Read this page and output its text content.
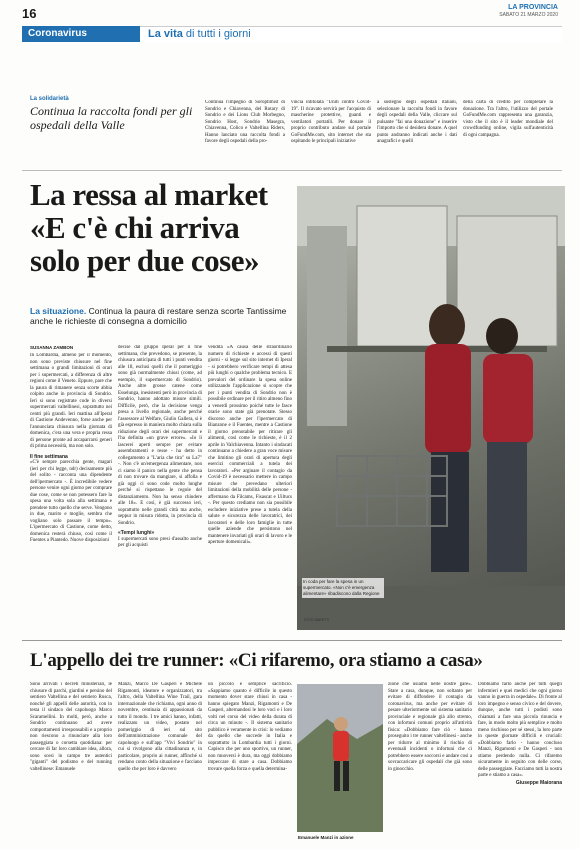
16	LA PROVINCIA
SABATO 21 MARZO 2020
Coronavirus	La vita di tutti i giorni
La solidarietà
Continua la raccolta fondi per gli ospedali della Valle
Continua l'impegno di Soroptimist di Sondrio e Chiavenna, del Rotary di Sondrio e dei Lions Club Morbegno, Sondrio Host, Sondrio Masegra, Chiavenna, Colico e Valtellina Riders, Hanno lanciato una raccolta fondi a favore degli ospedali della pro-
vincia intitolata "Uniti contro Covid-19". Il ricavato servirà per l'acquisto di mascherine protettive, guanti e ventilatori portatili. Per donare il proprio contributo andare sul portale GoFundMe.com, sito internet che sta ospitando le principali iniziative
a sostegno degli ospedali italiani, selezionare la raccolta fondi in favore degli ospedali della Valle, cliccare sul pulsante "fai una donazione" e inserire l'importo che si desidera donare. A quel punto andranno indicati anche i dati anagrafici e quelli
della carta di credito per completare la donazione. Tra l'altro, l'utilizzo del portale GoFundMe.com rappresenta una garanzia, visto che il sito è il leader mondiale del crowdfunding online, vigila sull'autenticità di ogni campagna.
La ressa al market
«E c'è chi arriva
solo per due cose»
La situazione. Continua la paura di restare senza scorte Tantissime anche le richieste di consegna a domicilio
SUSANNA ZAMBON
In Lombardia, almeno per il momento, non sono previste chiusure nel fine settimana o grandi limitazioni di orari per i supermercati, a differenza di altre regioni come il Veneto. Eppure, pare che la paura di rimanere senza scorte abbia colpito anche in provincia di Sondrio. Ieri si sono registrate code in diversi supermercati valtellinesi, soprattutto nei centri più grandi. Ieri mattina all'Iperal di Castione Andevenno, forse anche per l'annunciata chiusura nella giornata di domenica, c'era una vera e propria ressa di persone pronte ad accaparrarsi generi di prima necessità, ma non solo.
Il fine settimana
«C'è sempre parecchia gente, magari (ieri per chi legge, ndr) decisamente più del solito - racconta una dipendente dell'ipermercato -. È incredibile vedere persone venire ogni giorno per comprare due cose, come se non potessero fare la spesa una volta sola alla settimana e prendere tutto quello che serve. Vengono in due, marito e moglie, sembra che vogliano solo passare il tempo». L'ipermercato di Castione, come detto, domenica resterà chiuso, così come il Fuentes a Piantedo. Nuove disposizioni
decise dal gruppo Iperal per il fine settimana, che prevedono, se presente, la chiusura anticipata di tutti i punti vendita alle 18, esclusi quelli che il pomeriggio sono già normalmente chiusi (come, ad esempio, il supermercato di Sondrio). Anche altre grosse catene come Esselunga, inesistenti però in provincia di Sondrio, hanno adottato misure simili. Difficile, però, che la decisione venga presa a livello regionale, anche perché l'assessore al Welfare, Giulio Gallera, si è già espresso in maniera molto chiara sulla riduzione degli orari dei supermercati e l'ha definita «un grave errore». «Io li lascerei aperti sempre per evitare assembramenti e resse - ha detto in collegamento a "L'aria che tira" su La7" -. Non c'è un'emergenza alimentare, non ci siamo il panico nella gente che pensa di non trovare da mangiare, si affolla e già oggi ci sono code molto lunghe perché si rispettano le regole del distanziamento. Non ha senso chiudere alle 18». E così, è già successo ieri, soprattutto nelle grandi città ma anche, seppur in misura ridotta, in provincia di Sondrio.
«Tempi lunghi»
I supermercati sono presi d'assalto anche per gli acquisti
vendita «A causa delle straordinario numero di richieste e accessi di questi giorni - si legge sul sito internet di Iperal - si potrebbero verificare tempi di attesa più lunghi o qualche problema tecnico. E prevalori del ordinare la spesa online utilizzando l'applicazione si scopre che per i punti vendita di Sondrio non è possibile ordinare per il ritiro almeno fino a venerdì prossimo poiché tutte le fasce orarie sono state già prenotate. Stesso discorso anche per l'ipermercato di Bianzone e il Fuentes, mentre a Castione il giorno prenotabile per ritirare gli alimenti, così come le richieste, è il 2 aprile in Valchiavenna. Intanto i sindacati continuano a chiedere a gran voce misure che limitino gli orari di apertura degli esercizi commerciali a tutela dei lavoratori. «Per arginare il contagio da Covid-19 è necessario mettere in campo misure che prevedano ulteriori limitazioni della mobilità delle persone - affermano da Filcams, Fisascat e Uiltucs -. Per questo crediamo non sia possibile escludere iniziative prese a tutela della salute e sicurezza delle lavoratrici, dei lavoratori e delle loro famiglie in tutte quelle aziende che persistono nel mantenere invariati gli orari di lavoro e le aperture domenicali».
In coda per fare la spesa in un supermercato. «Non c'è emergenza alimentare» ribadiscono dalla Regione
FOTO SARETTI
L'appello dei tre runner: «Ci rifaremo, ora stiamo a casa»
Sono arrivati i decreti ministeriali, le chiusure di parchi, giardini e persino del sentiero Valtellina e del sentiero Rusca, nonché gli appelli delle autorità, con in testa il sindaco del capoluogo Marco Scaramellini. In molti, però, anche a Sondrio continuano ad avere comportamenti irresponsabili e a proprio non riescono a rinunciare alla loro passeggiata o corsetta quotidiana: per cercare di far loro cambiare idea, allora, sono scesi in campo tre autentici "giganti" del podismo e del running valtellinese: Emanuele
Manzi, Marco De Gasperi e Michele Rigamonti, ideatore e organizzatori, tra l'altro, della Valtellina Wine Trail, gara internazionale che richiama, ogni anno di novembre, centinaia di appassionati da tutto il mondo. I tre amici hanno, infatti, realizzato un video, postato nel pomeriggio di ieri sul sito dell'amministrazione comunale del capoluogo e sull'app "Vivi Sondrio" in cui si rivolgono alla cittadinanza e, in particolare, proprio ai runner, affinché si rendano conto della situazione e facciano quello che per loro è davvero
un piccolo e semplice sacrificio. «Sappiamo quanto è difficile in questo momento dover stare chiusi in casa - hanno spiegato Manzi, Rigamonti e De Gasperi, alternandosi le loro voci e i loro volti nel corso del video della durata di circa un minuto -. Il sistema sanitario pubblico è veramente in crisi: lo vediamo da quello che succede in Italia e soprattutto in Lombardia tutti i giorni. Capisco che per uno sportivo, un runner, non muoversi è dura, ma oggi dobbiamo impeccare di stare a casa. Dobbiamo trovare quella forza e quella determina-
Emanuele Manzi in azione
zione che usiamo nelle nostre gare». Stare a casa, dunque, non soltanto per evitare di diffondere il contagio da coronavirus, ma anche per evitare di pesare ulteriormente sul sistema sanitario provinciale e regionale già allo stremo, con infortuni comuni proprio all'attività fisica: «Dobbiamo fare ciò - hanno proseguito i tre runner valtellinesi - anche per ridurre al minimo il rischio di eventuali incidenti o infortuni che ci potrebbero essere soccorsi e andare così a sovraccaricare gli ospedali che già sono in ginocchio.
Dobbiamo farlo anche per tutti quegli infermieri e quei medici che ogni giorno vanno in guerra in ospedale». Di fronte al loro impegno e senso civico e del dovere, dunque, anche tutti i podisti sono chiamati a fare una piccola rinuncia e fare, in modo molto più semplice e molto meno rischioso per sé stessi, la loro parte in queste giornate difficili e cruciali: «Dobbiamo farlo - hanno concluso Manzi, Rigamonti e De Gasperi - non stiamo perdendo nulla. Ci rifaremo sicuramente in seguito con delle corse, delle passeggiate. Facciamo tutti la nostra parte e stiamo a casa».
Giuseppe Maiorana
